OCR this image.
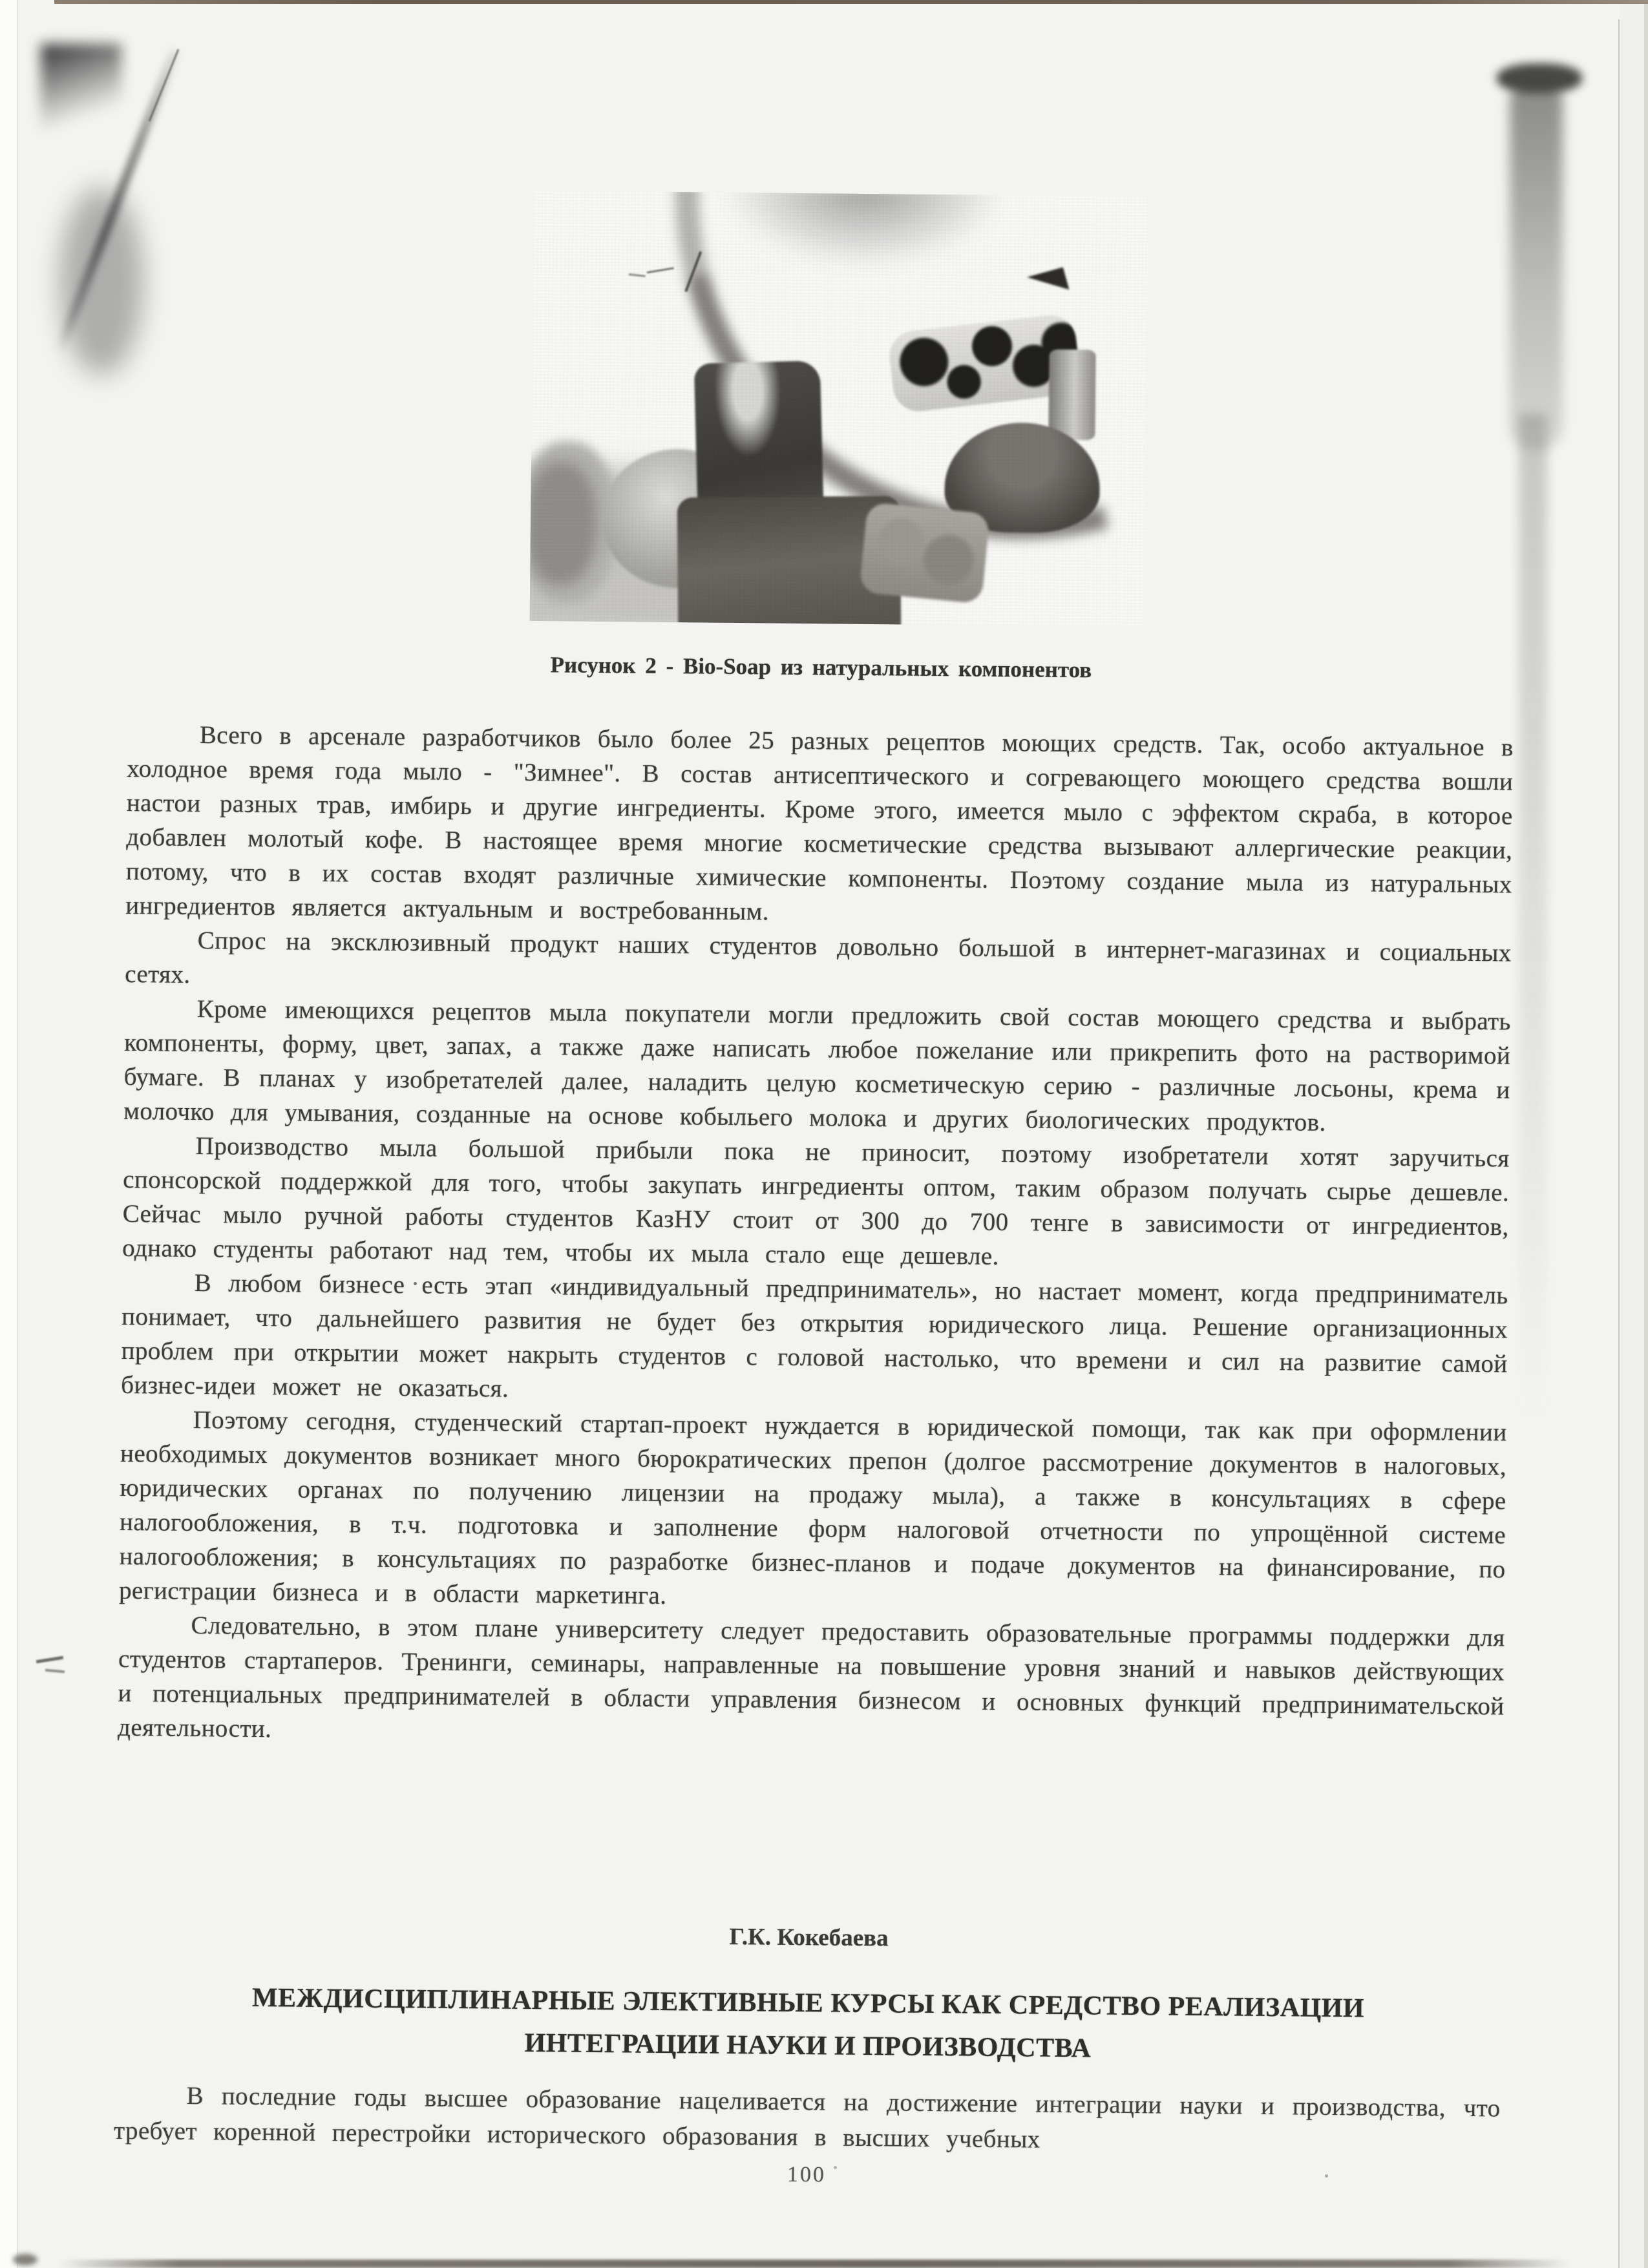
Рисунок 2 - Bio-Soap из натуральных компонентов

Всего в арсенале разработчиков было более 25 разных рецептов моющих средств. Так, особо актуальное в холодное время года мыло - "Зимнее". В состав антисептического и согревающего моющего средства вошли настои разных трав, имбирь и другие ингредиенты. Кроме этого, имеется мыло с эффектом скраба, в которое добавлен молотый кофе. В настоящее время многие косметические средства вызывают аллергические реакции, потому, что в их состав входят различные химические компоненты. Поэтому создание мыла из натуральных ингредиентов является актуальным и востребованным.

Спрос на эксклюзивный продукт наших студентов довольно большой в интернет-магазинах и социальных сетях.

Кроме имеющихся рецептов мыла покупатели могли предложить свой состав моющего средства и выбрать компоненты, форму, цвет, запах, а также даже написать любое пожелание или прикрепить фото на растворимой бумаге. В планах у изобретателей далее, наладить целую косметическую серию - различные лосьоны, крема и молочко для умывания, созданные на основе кобыльего молока и других биологических продуктов.

Производство мыла большой прибыли пока не приносит, поэтому изобретатели хотят заручиться спонсорской поддержкой для того, чтобы закупать ингредиенты оптом, таким образом получать сырье дешевле. Сейчас мыло ручной работы студентов КазНУ стоит от 300 до 700 тенге в зависимости от ингредиентов, однако студенты работают над тем, чтобы их мыла стало еще дешевле.

В любом бизнесе есть этап «индивидуальный предприниматель», но настает момент, когда предприниматель понимает, что дальнейшего развития не будет без открытия юридического лица. Решение организационных проблем при открытии может накрыть студентов с головой настолько, что времени и сил на развитие самой бизнес-идеи может не оказаться.

Поэтому сегодня, студенческий стартап-проект нуждается в юридической помощи, так как при оформлении необходимых документов возникает много бюрократических препон (долгое рассмотрение документов в налоговых, юридических органах по получению лицензии на продажу мыла), а также в консультациях в сфере налогообложения, в т.ч. подготовка и заполнение форм налоговой отчетности по упрощённой системе налогообложения; в консультациях по разработке бизнес-планов и подаче документов на финансирование, по регистрации бизнеса и в области маркетинга.

Следовательно, в этом плане университету следует предоставить образовательные программы поддержки для студентов стартаперов. Тренинги, семинары, направленные на повышение уровня знаний и навыков действующих и потенциальных предпринимателей в области управления бизнесом и основных функций предпринимательской деятельности.

Г.К. Кокебаева
МЕЖДИСЦИПЛИНАРНЫЕ ЭЛЕКТИВНЫЕ КУРСЫ КАК СРЕДСТВО РЕАЛИЗАЦИИ
ИНТЕГРАЦИИ НАУКИ И ПРОИЗВОДСТВА

В последние годы высшее образование нацеливается на достижение интеграции науки и производства, что требует коренной перестройки исторического образования в высших учебных

100
